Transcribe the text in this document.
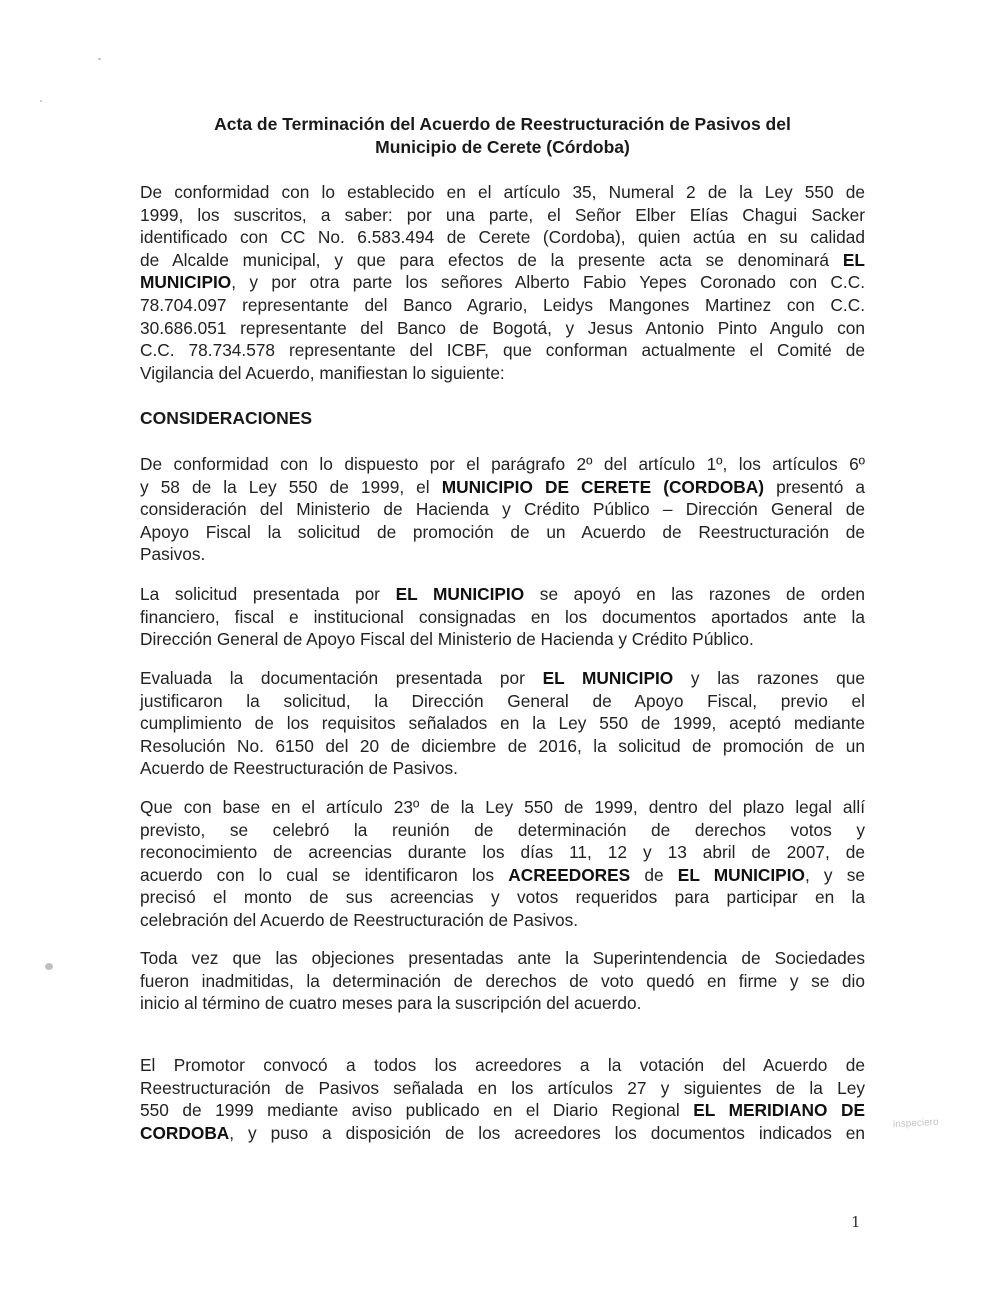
Acta de Terminación del Acuerdo de Reestructuración de Pasivos del
Municipio de Cerete (Córdoba)
De conformidad con lo establecido en el artículo 35, Numeral 2 de la Ley 550 de
1999, los suscritos, a saber: por una parte, el Señor Elber Elías Chagui Sacker
identificado con CC No. 6.583.494 de Cerete (Cordoba), quien actúa en su calidad
de Alcalde municipal, y que para efectos de la presente acta se denominará EL
MUNICIPIO, y por otra parte los señores Alberto Fabio Yepes Coronado con C.C.
78.704.097 representante del Banco Agrario, Leidys Mangones Martinez con C.C.
30.686.051 representante del Banco de Bogotá, y Jesus Antonio Pinto Angulo con
C.C. 78.734.578 representante del ICBF, que conforman actualmente el Comité de
Vigilancia del Acuerdo, manifiestan lo siguiente:
CONSIDERACIONES
De conformidad con lo dispuesto por el parágrafo 2º del artículo 1º, los artículos 6º
y 58 de la Ley 550 de 1999, el MUNICIPIO DE CERETE (CORDOBA) presentó a
consideración del Ministerio de Hacienda y Crédito Público – Dirección General de
Apoyo Fiscal la solicitud de promoción de un Acuerdo de Reestructuración de
Pasivos.
La solicitud presentada por EL MUNICIPIO se apoyó en las razones de orden
financiero, fiscal e institucional consignadas en los documentos aportados ante la
Dirección General de Apoyo Fiscal del Ministerio de Hacienda y Crédito Público.
Evaluada la documentación presentada por EL MUNICIPIO y las razones que
justificaron la solicitud, la Dirección General de Apoyo Fiscal, previo el
cumplimiento de los requisitos señalados en la Ley 550 de 1999, aceptó mediante
Resolución No. 6150 del 20 de diciembre de 2016, la solicitud de promoción de un
Acuerdo de Reestructuración de Pasivos.
Que con base en el artículo 23º de la Ley 550 de 1999, dentro del plazo legal allí
previsto, se celebró la reunión de determinación de derechos votos y
reconocimiento de acreencias durante los días 11, 12 y 13 abril de 2007, de
acuerdo con lo cual se identificaron los ACREEDORES de EL MUNICIPIO, y se
precisó el monto de sus acreencias y votos requeridos para participar en la
celebración del Acuerdo de Reestructuración de Pasivos.
Toda vez que las objeciones presentadas ante la Superintendencia de Sociedades
fueron inadmitidas, la determinación de derechos de voto quedó en firme y se dio
inicio al término de cuatro meses para la suscripción del acuerdo.
El Promotor convocó a todos los acreedores a la votación del Acuerdo de
Reestructuración de Pasivos señalada en los artículos 27 y siguientes de la Ley
550 de 1999 mediante aviso publicado en el Diario Regional EL MERIDIANO DE
CORDOBA, y puso a disposición de los acreedores los documentos indicados en	inspeciero
1
